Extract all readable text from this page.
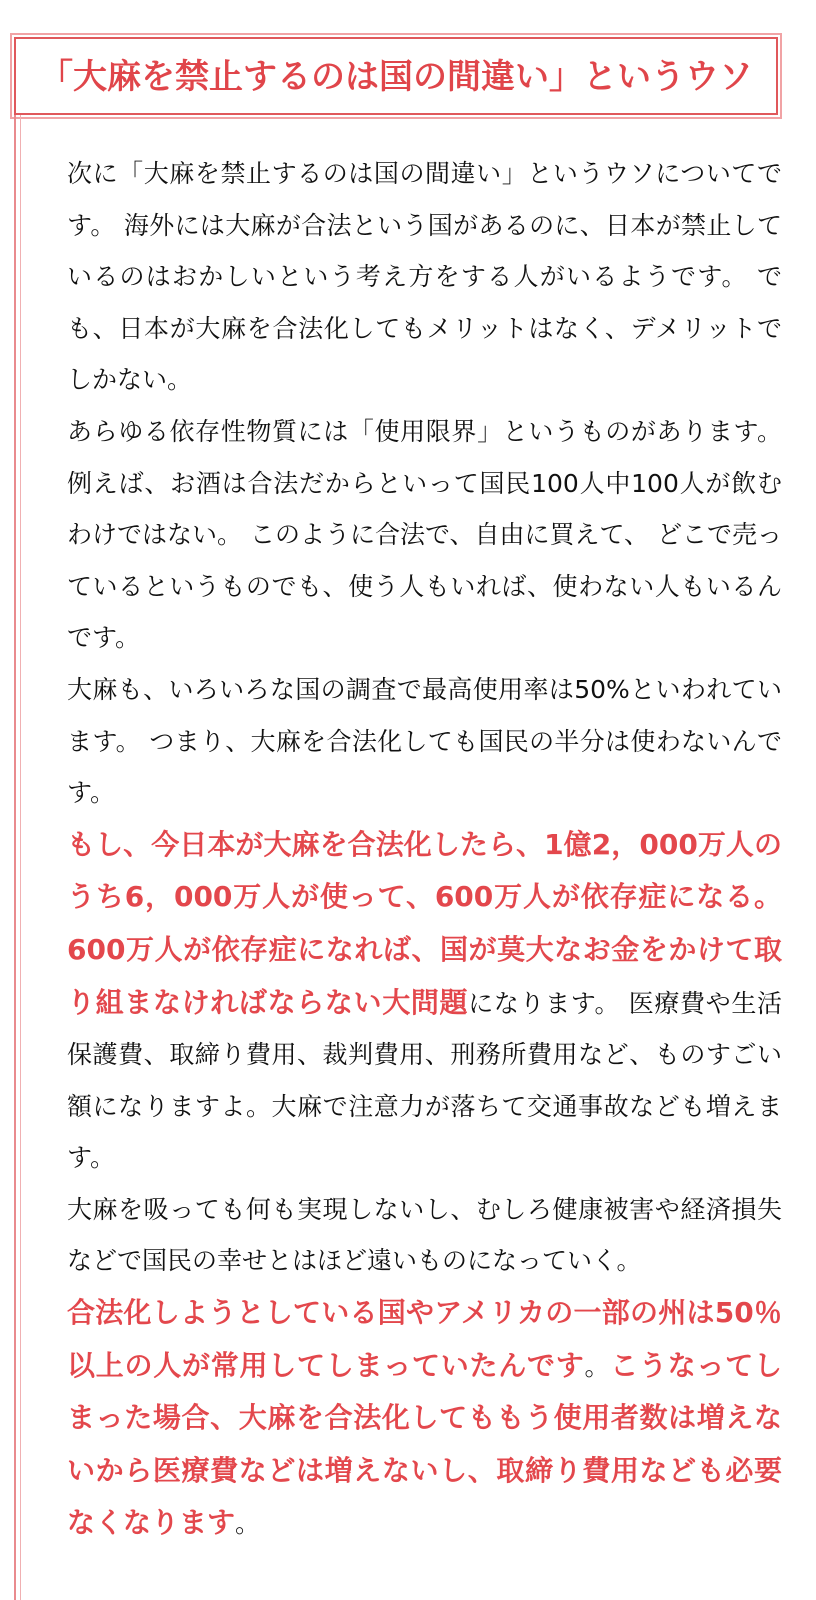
「大麻を禁止するのは国の間違い」というウソ

次に「大麻を禁止するのは国の間違い」というウソについてです。 海外には大麻が合法という国があるのに、日本が禁止しているのはおかしいという考え方をする人がいるようです。 でも、日本が大麻を合法化してもメリットはなく、デメリットでしかない。

あらゆる依存性物質には「使用限界」というものがあります。 例えば、お酒は合法だからといって国民100人中100人が飲むわけではない。 このように合法で、自由に買えて、 どこで売っているというものでも、使う人もいれば、使わない人もいるんです。

大麻も、いろいろな国の調査で最高使用率は50%といわれています。 つまり、大麻を合法化しても国民の半分は使わないんです。

もし、今日本が大麻を合法化したら、1億2，000万人のうち6，000万人が使って、600万人が依存症になる。 600万人が依存症になれば、国が莫大なお金をかけて取り組まなければならない大問題になります。 医療費や生活保護費、取締り費用、裁判費用、刑務所費用など、ものすごい額になりますよ。大麻で注意力が落ちて交通事故なども増えます。

大麻を吸っても何も実現しないし、むしろ健康被害や経済損失などで国民の幸せとはほど遠いものになっていく。

合法化しようとしている国やアメリカの一部の州は50％以上の人が常用してしまっていたんです。こうなってしまった場合、大麻を合法化してももう使用者数は増えないから医療費などは増えないし、取締り費用なども必要なくなります。
